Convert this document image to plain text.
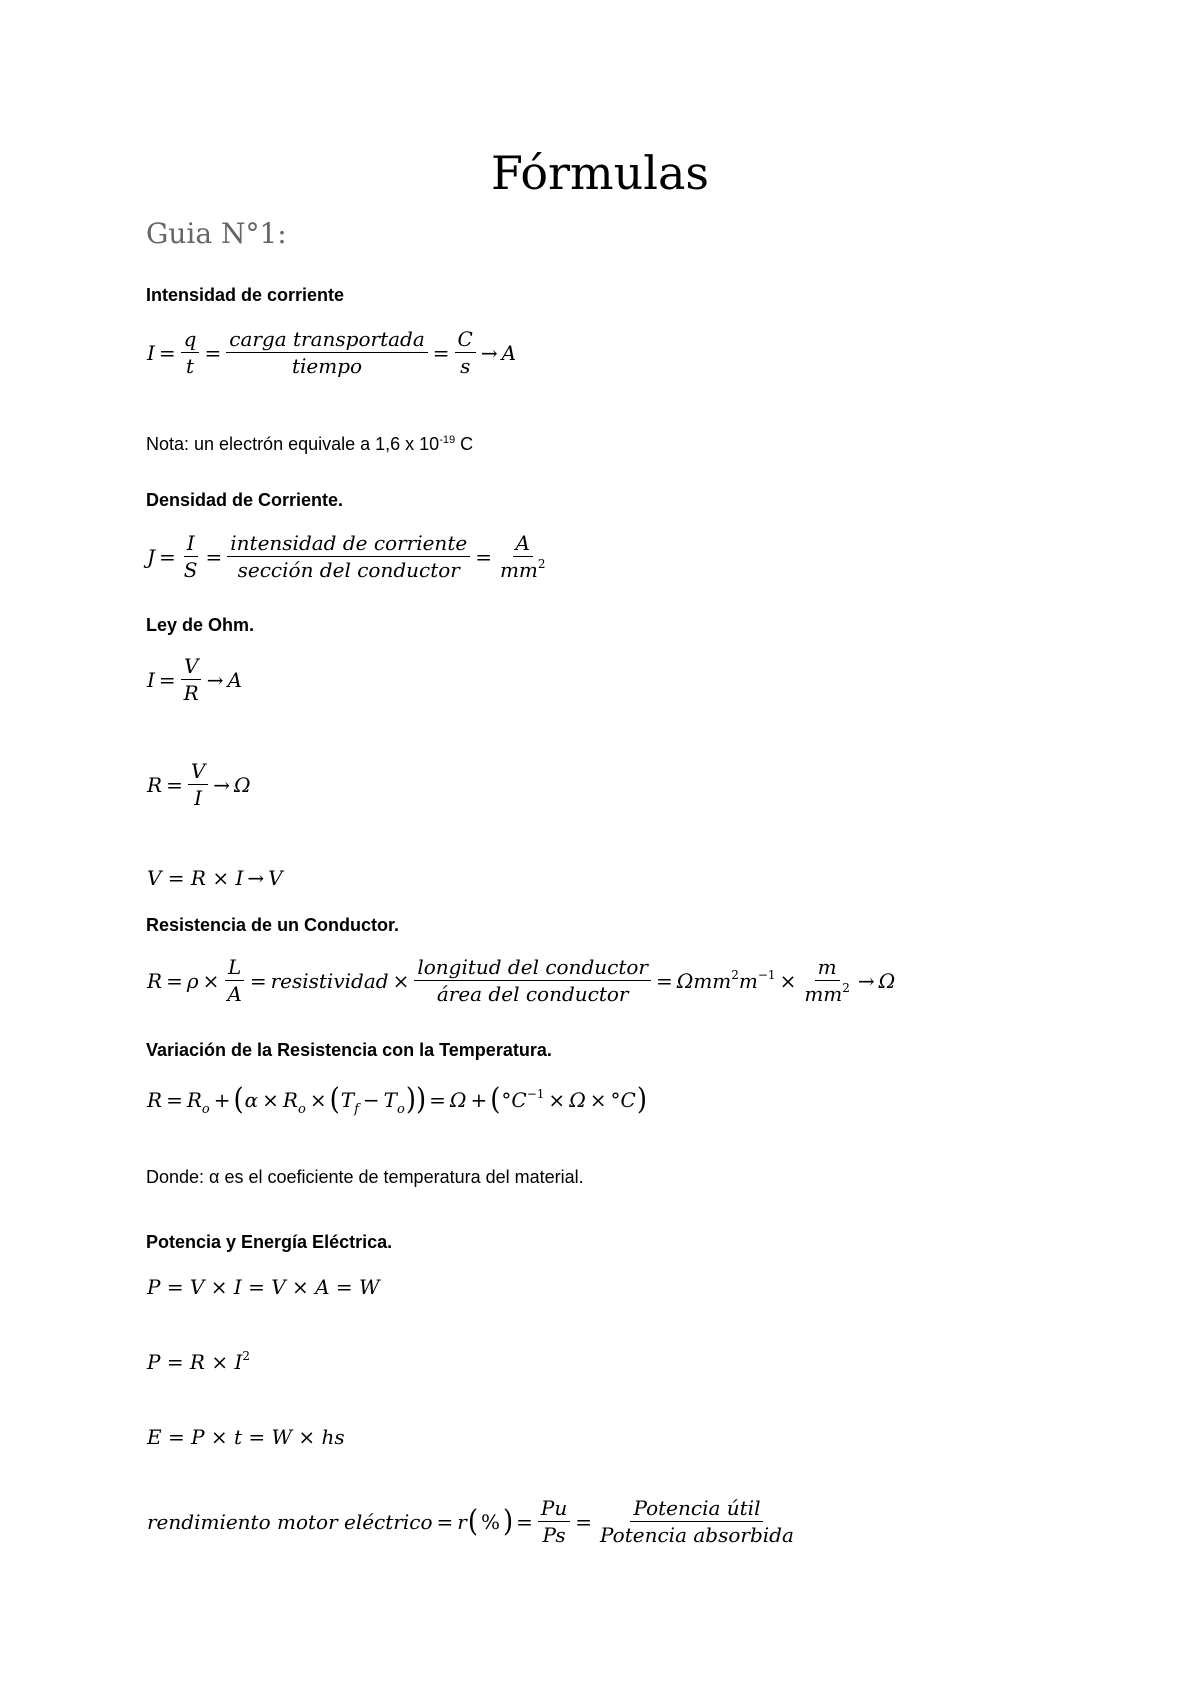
Fórmulas
Guia N°1:
Intensidad de corriente
$I = \frac{q}{t} = \frac{\text{carga transportada}}{\text{tiempo}} = \frac{C}{s} \to A$
Nota: un electrón equivale a 1,6 x $10^{-19}$ C
Densidad de Corriente.
$J = \frac{I}{S} = \frac{\text{intensidad de corriente}}{\text{sección del conductor}} = \frac{A}{mm^2}$
Ley de Ohm.
$I = \frac{V}{R} \to A$
$R = \frac{V}{I} \to \Omega$
V = R × I → V
Resistencia de un Conductor.
$R = \rho \times \frac{L}{A}$ = resistividad × $\frac{\text{longitud del conductor}}{\text{área del conductor}} = \Omega mm^2m^{-1} \times \frac{m}{mm^2} \to \Omega$
Variación de la Resistencia con la Temperatura.
$R = R_o$ + ( $\alpha \times R_o$ × ( $T_f - T_o$ )) = Ω + ( $^\circ C^{-1} \times \Omega \times ^\circ C$ )
Donde: α es el coeficiente de temperatura del material.
Potencia y Energía Eléctrica.
P = V × I = V × A = W
$P = R \times I^2$
E = P × t = W × hs
rendimiento motor eléctrico = r ( % ) = $\frac{Pu}{Ps} = \frac{\text{Potencia útil}}{\text{Potencia absorbida}}$
